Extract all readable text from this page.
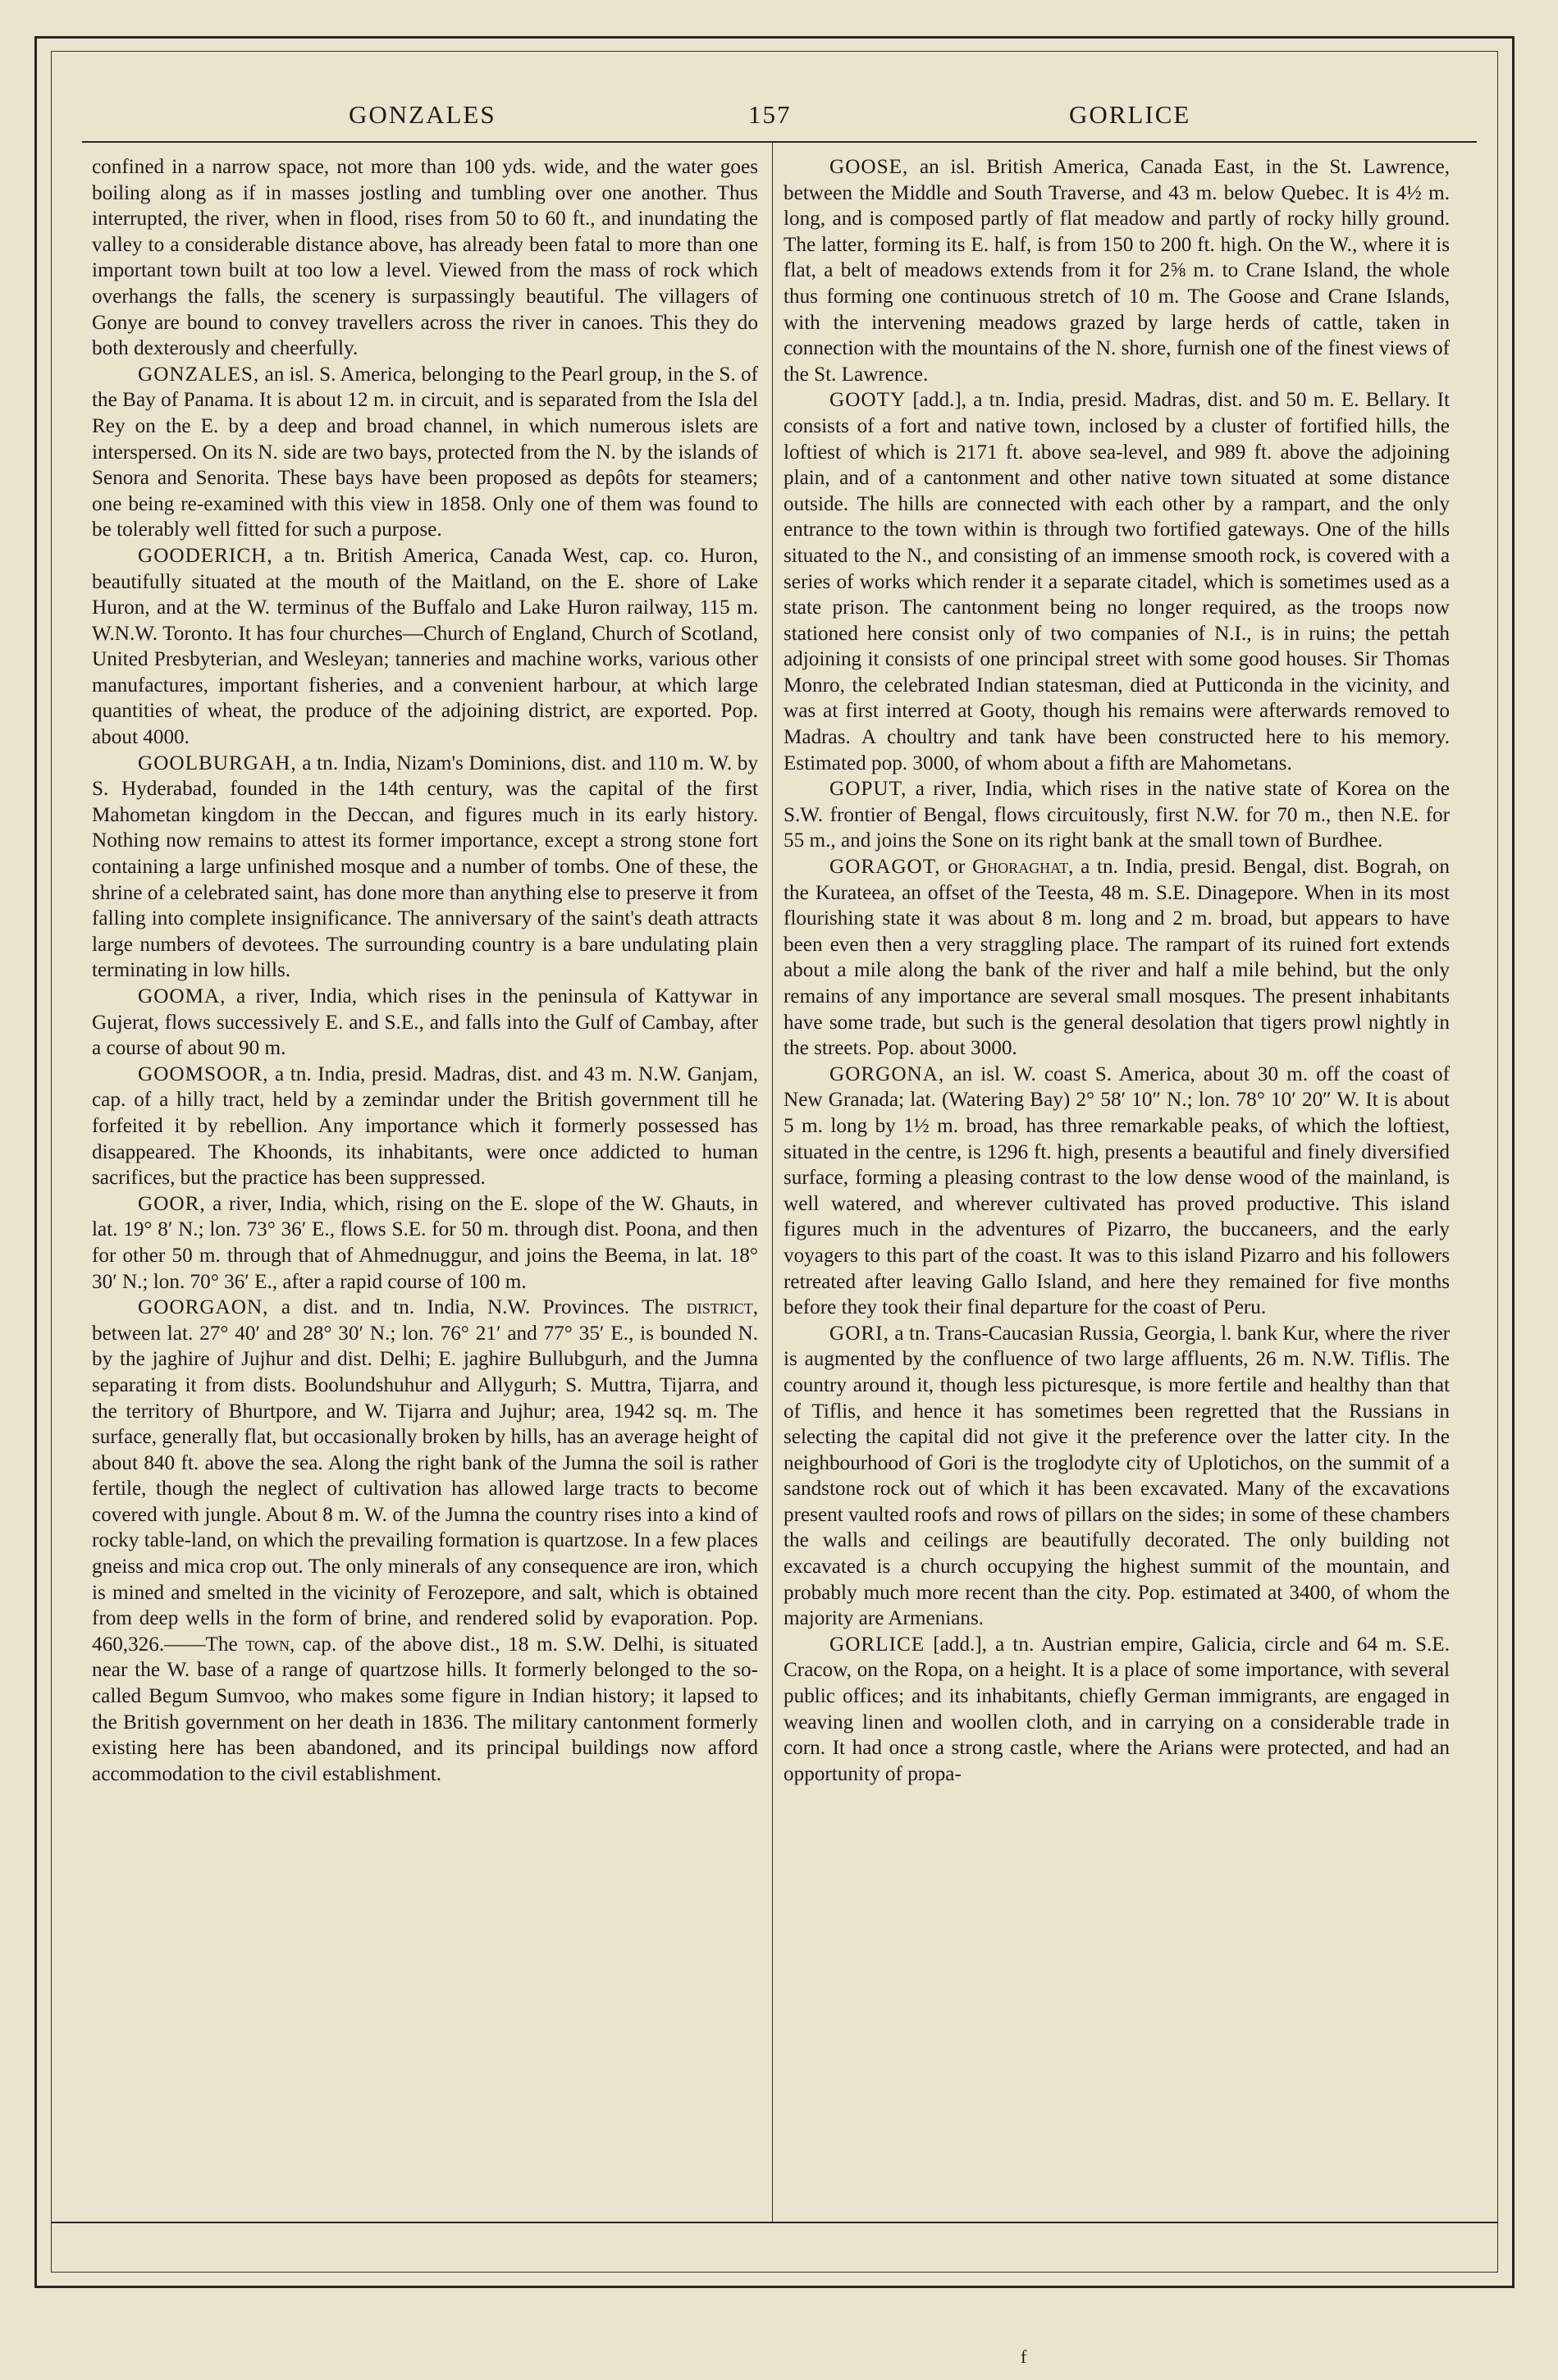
GONZALES	157	GORLICE

confined in a narrow space, not more than 100 yds. wide, and the water goes boiling along as if in masses jostling and tumbling over one another. Thus interrupted, the river, when in flood, rises from 50 to 60 ft., and inundating the valley to a considerable distance above, has already been fatal to more than one important town built at too low a level. Viewed from the mass of rock which overhangs the falls, the scenery is surpassingly beautiful. The villagers of Gonye are bound to convey travellers across the river in canoes. This they do both dexterously and cheerfully.

GONZALES, an isl. S. America, belonging to the Pearl group, in the S. of the Bay of Panama. It is about 12 m. in circuit, and is separated from the Isla del Rey on the E. by a deep and broad channel, in which numerous islets are interspersed. On its N. side are two bays, protected from the N. by the islands of Senora and Senorita. These bays have been proposed as depôts for steamers; one being re-examined with this view in 1858. Only one of them was found to be tolerably well fitted for such a purpose.

GOODERICH, a tn. British America, Canada West, cap. co. Huron, beautifully situated at the mouth of the Maitland, on the E. shore of Lake Huron, and at the W. terminus of the Buffalo and Lake Huron railway, 115 m. W.N.W. Toronto. It has four churches—Church of England, Church of Scotland, United Presbyterian, and Wesleyan; tanneries and machine works, various other manufactures, important fisheries, and a convenient harbour, at which large quantities of wheat, the produce of the adjoining district, are exported. Pop. about 4000.

GOOLBURGAH, a tn. India, Nizam's Dominions, dist. and 110 m. W. by S. Hyderabad, founded in the 14th century, was the capital of the first Mahometan kingdom in the Deccan, and figures much in its early history. Nothing now remains to attest its former importance, except a strong stone fort containing a large unfinished mosque and a number of tombs. One of these, the shrine of a celebrated saint, has done more than anything else to preserve it from falling into complete insignificance. The anniversary of the saint's death attracts large numbers of devotees. The surrounding country is a bare undulating plain terminating in low hills.

GOOMA, a river, India, which rises in the peninsula of Kattywar in Gujerat, flows successively E. and S.E., and falls into the Gulf of Cambay, after a course of about 90 m.

GOOMSOOR, a tn. India, presid. Madras, dist. and 43 m. N.W. Ganjam, cap. of a hilly tract, held by a zemindar under the British government till he forfeited it by rebellion. Any importance which it formerly possessed has disappeared. The Khoonds, its inhabitants, were once addicted to human sacrifices, but the practice has been suppressed.

GOOR, a river, India, which, rising on the E. slope of the W. Ghauts, in lat. 19° 8′ N.; lon. 73° 36′ E., flows S.E. for 50 m. through dist. Poona, and then for other 50 m. through that of Ahmednuggur, and joins the Beema, in lat. 18° 30′ N.; lon. 70° 36′ E., after a rapid course of 100 m.

GOORGAON, a dist. and tn. India, N.W. Provinces. The district, between lat. 27° 40′ and 28° 30′ N.; lon. 76° 21′ and 77° 35′ E., is bounded N. by the jaghire of Jujhur and dist. Delhi; E. jaghire Bullubgurh, and the Jumna separating it from dists. Boolundshuhur and Allygurh; S. Muttra, Tijarra, and the territory of Bhurtpore, and W. Tijarra and Jujhur; area, 1942 sq. m. The surface, generally flat, but occasionally broken by hills, has an average height of about 840 ft. above the sea. Along the right bank of the Jumna the soil is rather fertile, though the neglect of cultivation has allowed large tracts to become covered with jungle. About 8 m. W. of the Jumna the country rises into a kind of rocky table-land, on which the prevailing formation is quartzose. In a few places gneiss and mica crop out. The only minerals of any consequence are iron, which is mined and smelted in the vicinity of Ferozepore, and salt, which is obtained from deep wells in the form of brine, and rendered solid by evaporation. Pop. 460,326.——The town, cap. of the above dist., 18 m. S.W. Delhi, is situated near the W. base of a range of quartzose hills. It formerly belonged to the so-called Begum Sumvoo, who makes some figure in Indian history; it lapsed to the British government on her death in 1836. The military cantonment formerly existing here has been abandoned, and its principal buildings now afford accommodation to the civil establishment.

GOOSE, an isl. British America, Canada East, in the St. Lawrence, between the Middle and South Traverse, and 43 m. below Quebec. It is 4½ m. long, and is composed partly of flat meadow and partly of rocky hilly ground. The latter, forming its E. half, is from 150 to 200 ft. high. On the W., where it is flat, a belt of meadows extends from it for 2⅝ m. to Crane Island, the whole thus forming one continuous stretch of 10 m. The Goose and Crane Islands, with the intervening meadows grazed by large herds of cattle, taken in connection with the mountains of the N. shore, furnish one of the finest views of the St. Lawrence.

GOOTY [add.], a tn. India, presid. Madras, dist. and 50 m. E. Bellary. It consists of a fort and native town, inclosed by a cluster of fortified hills, the loftiest of which is 2171 ft. above sea-level, and 989 ft. above the adjoining plain, and of a cantonment and other native town situated at some distance outside. The hills are connected with each other by a rampart, and the only entrance to the town within is through two fortified gateways. One of the hills situated to the N., and consisting of an immense smooth rock, is covered with a series of works which render it a separate citadel, which is sometimes used as a state prison. The cantonment being no longer required, as the troops now stationed here consist only of two companies of N.I., is in ruins; the pettah adjoining it consists of one principal street with some good houses. Sir Thomas Monro, the celebrated Indian statesman, died at Putticonda in the vicinity, and was at first interred at Gooty, though his remains were afterwards removed to Madras. A choultry and tank have been constructed here to his memory. Estimated pop. 3000, of whom about a fifth are Mahometans.

GOPUT, a river, India, which rises in the native state of Korea on the S.W. frontier of Bengal, flows circuitously, first N.W. for 70 m., then N.E. for 55 m., and joins the Sone on its right bank at the small town of Burdhee.

GORAGOT, or Ghoraghat, a tn. India, presid. Bengal, dist. Bograh, on the Kurateea, an offset of the Teesta, 48 m. S.E. Dinagepore. When in its most flourishing state it was about 8 m. long and 2 m. broad, but appears to have been even then a very straggling place. The rampart of its ruined fort extends about a mile along the bank of the river and half a mile behind, but the only remains of any importance are several small mosques. The present inhabitants have some trade, but such is the general desolation that tigers prowl nightly in the streets. Pop. about 3000.

GORGONA, an isl. W. coast S. America, about 30 m. off the coast of New Granada; lat. (Watering Bay) 2° 58′ 10″ N.; lon. 78° 10′ 20″ W. It is about 5 m. long by 1½ m. broad, has three remarkable peaks, of which the loftiest, situated in the centre, is 1296 ft. high, presents a beautiful and finely diversified surface, forming a pleasing contrast to the low dense wood of the mainland, is well watered, and wherever cultivated has proved productive. This island figures much in the adventures of Pizarro, the buccaneers, and the early voyagers to this part of the coast. It was to this island Pizarro and his followers retreated after leaving Gallo Island, and here they remained for five months before they took their final departure for the coast of Peru.

GORI, a tn. Trans-Caucasian Russia, Georgia, l. bank Kur, where the river is augmented by the confluence of two large affluents, 26 m. N.W. Tiflis. The country around it, though less picturesque, is more fertile and healthy than that of Tiflis, and hence it has sometimes been regretted that the Russians in selecting the capital did not give it the preference over the latter city. In the neighbourhood of Gori is the troglodyte city of Uplotichos, on the summit of a sandstone rock out of which it has been excavated. Many of the excavations present vaulted roofs and rows of pillars on the sides; in some of these chambers the walls and ceilings are beautifully decorated. The only building not excavated is a church occupying the highest summit of the mountain, and probably much more recent than the city. Pop. estimated at 3400, of whom the majority are Armenians.

GORLICE [add.], a tn. Austrian empire, Galicia, circle and 64 m. S.E. Cracow, on the Ropa, on a height. It is a place of some importance, with several public offices; and its inhabitants, chiefly German immigrants, are engaged in weaving linen and woollen cloth, and in carrying on a considerable trade in corn. It had once a strong castle, where the Arians were protected, and had an opportunity of propa-

f
